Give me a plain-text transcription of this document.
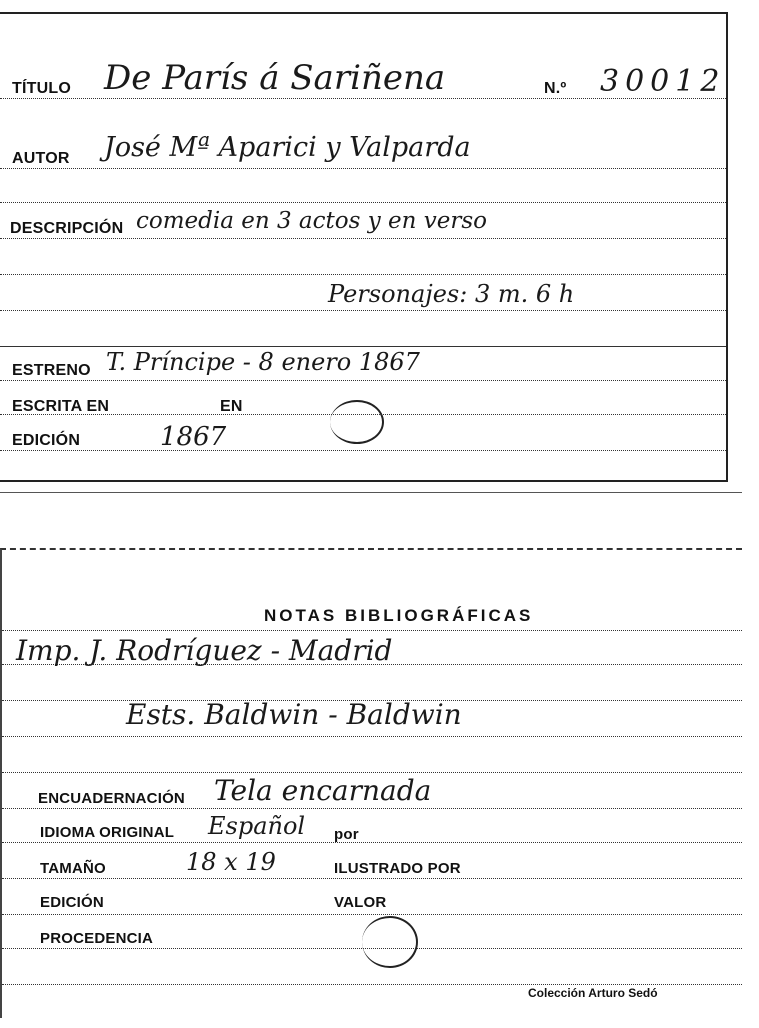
TÍTULO De París á Sariñena	N.º 30012
AUTOR José Mª Aparici y Valparda
DESCRIPCIÓN comedia en 3 actos y en verso
Personajes: 3 m. 6 h
ESTRENO T. Príncipe - 8 enero 1867
ESCRITA EN	EN
EDICIÓN	1867
NOTAS BIBLIOGRÁFICAS
Imp. J. Rodríguez - Madrid
Ests. Baldwin - Baldwin
ENCUADERNACIÓN Tela encarnada
IDIOMA ORIGINAL Español por
TAMAÑO	18 x 19	ILUSTRADO POR
EDICIÓN	VALOR
PROCEDENCIA
Colección Arturo Sedó
